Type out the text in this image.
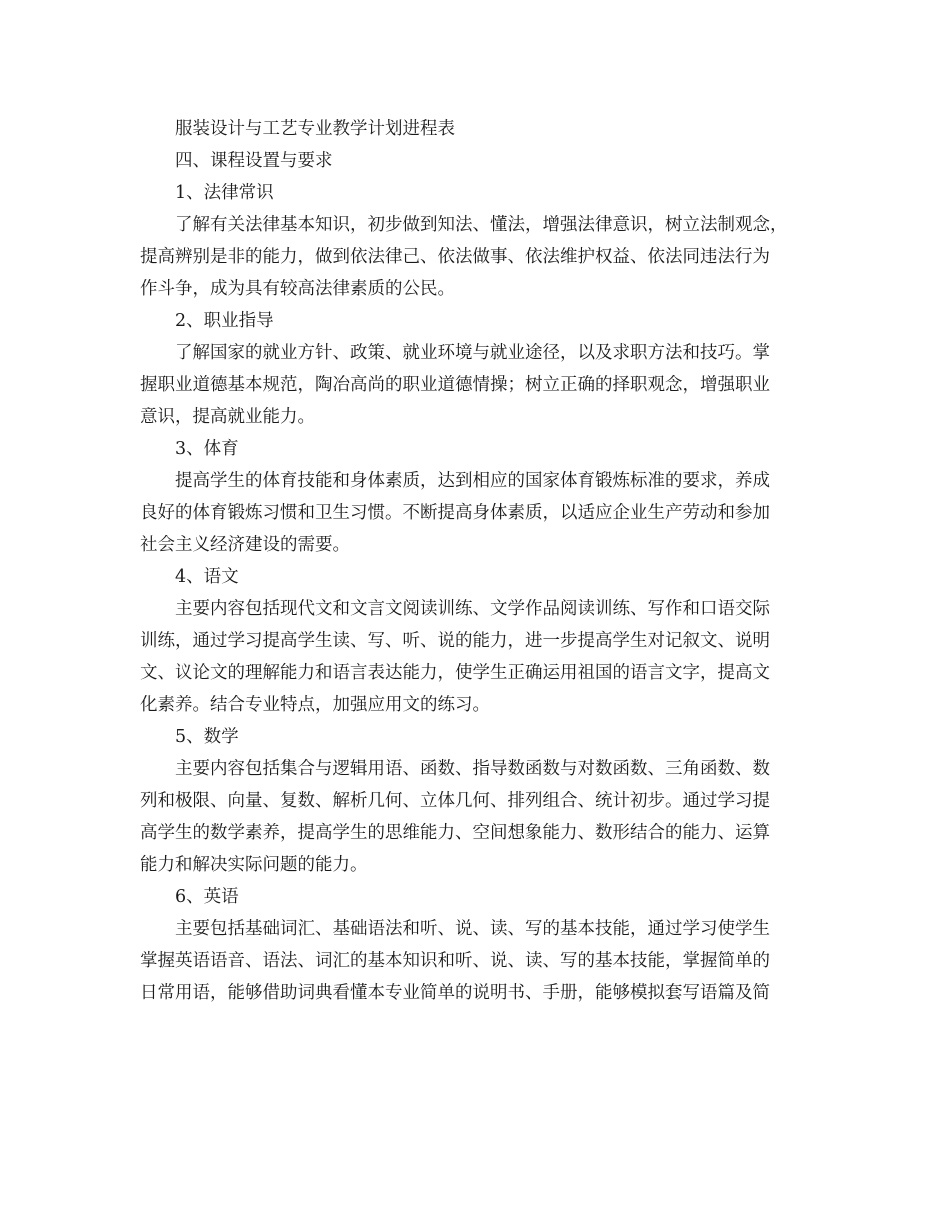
服装设计与工艺专业教学计划进程表
四、课程设置与要求
1、法律常识
了解有关法律基本知识，初步做到知法、懂法，增强法律意识，树立法制观念，
提高辨别是非的能力，做到依法律己、依法做事、依法维护权益、依法同违法行为
作斗争，成为具有较高法律素质的公民。
2、职业指导
了解国家的就业方针、政策、就业环境与就业途径，以及求职方法和技巧。掌
握职业道德基本规范，陶冶高尚的职业道德情操；树立正确的择职观念，增强职业
意识，提高就业能力。
3、体育
提高学生的体育技能和身体素质，达到相应的国家体育锻炼标准的要求，养成
良好的体育锻炼习惯和卫生习惯。不断提高身体素质，以适应企业生产劳动和参加
社会主义经济建设的需要。
4、语文
主要内容包括现代文和文言文阅读训练、文学作品阅读训练、写作和口语交际
训练，通过学习提高学生读、写、听、说的能力，进一步提高学生对记叙文、说明
文、议论文的理解能力和语言表达能力，使学生正确运用祖国的语言文字，提高文
化素养。结合专业特点，加强应用文的练习。
5、数学
主要内容包括集合与逻辑用语、函数、指导数函数与对数函数、三角函数、数
列和极限、向量、复数、解析几何、立体几何、排列组合、统计初步。通过学习提
高学生的数学素养，提高学生的思维能力、空间想象能力、数形结合的能力、运算
能力和解决实际问题的能力。
6、英语
主要包括基础词汇、基础语法和听、说、读、写的基本技能，通过学习使学生
掌握英语语音、语法、词汇的基本知识和听、说、读、写的基本技能，掌握简单的
日常用语，能够借助词典看懂本专业简单的说明书、手册，能够模拟套写语篇及简
